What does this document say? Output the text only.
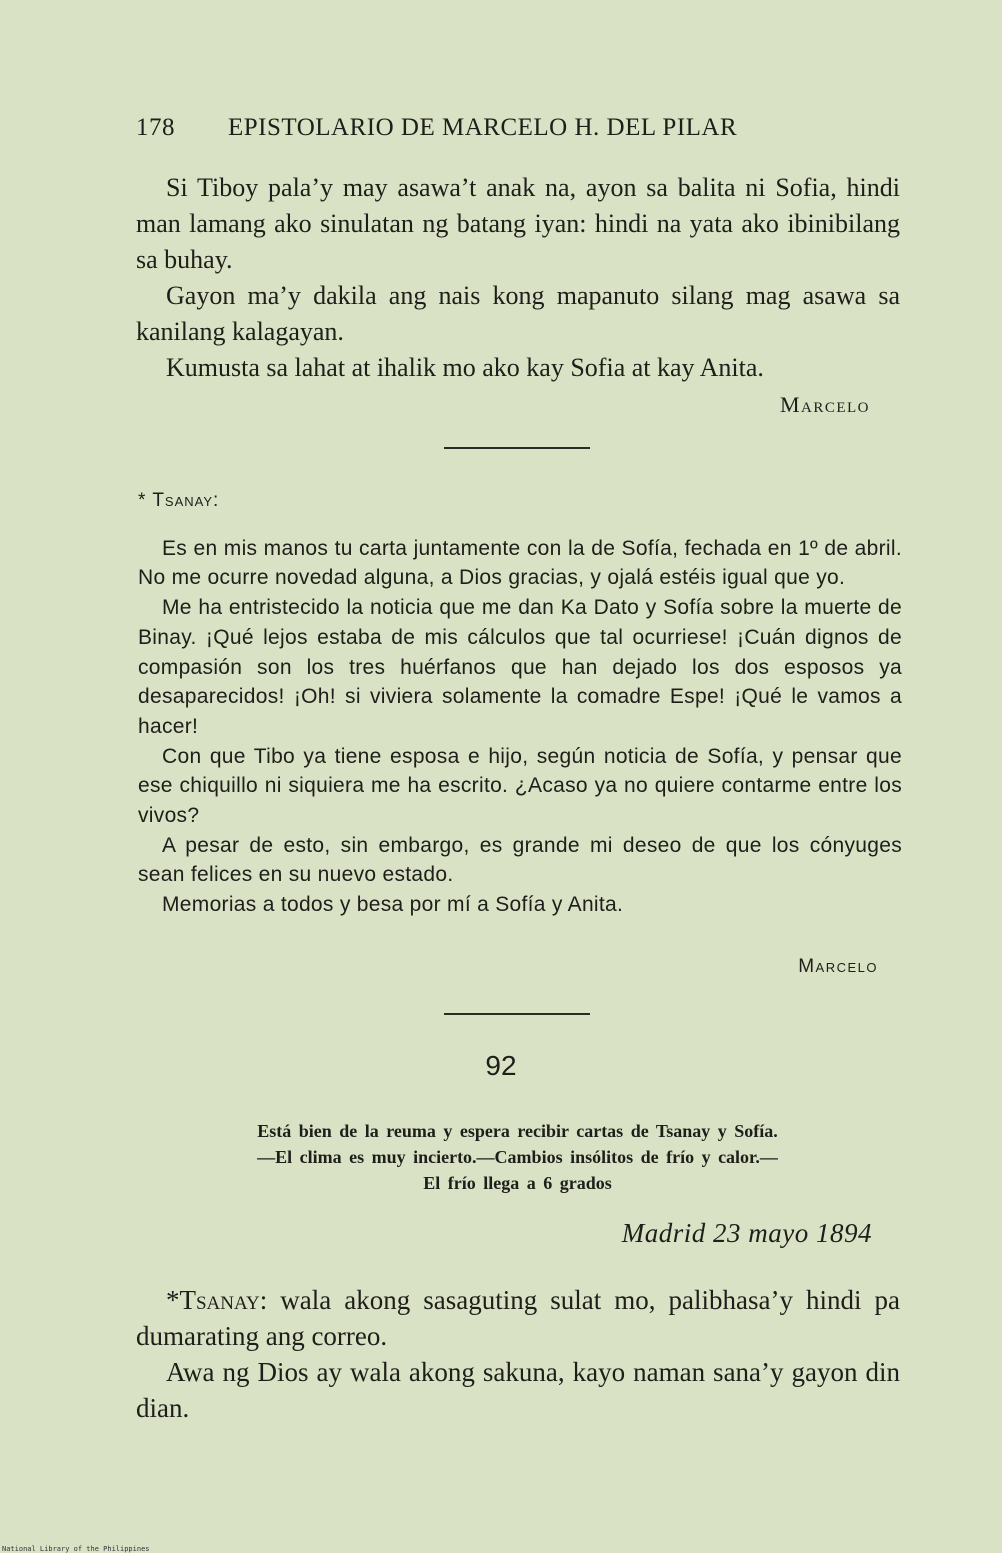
178 EPISTOLARIO DE MARCELO H. DEL PILAR

Si Tiboy pala’y may asawa’t anak na, ayon sa balita ni Sofia, hindi man lamang ako sinulatan ng batang iyan: hindi na yata ako ibinibilang sa buhay.

Gayon ma’y dakila ang nais kong mapanuto silang mag asawa sa kanilang kalagayan.

Kumusta sa lahat at ihalik mo ako kay Sofia at kay Anita.

Marcelo

* Tsanay:

Es en mis manos tu carta juntamente con la de Sofía, fechada en 1º de abril. No me ocurre novedad alguna, a Dios gracias, y ojalá estéis igual que yo.

Me ha entristecido la noticia que me dan Ka Dato y Sofía sobre la muerte de Binay. ¡Qué lejos estaba de mis cálculos que tal ocurriese! ¡Cuán dignos de compasión son los tres huérfanos que han dejado los dos esposos ya desaparecidos! ¡Oh! si viviera solamente la comadre Espe! ¡Qué le vamos a hacer!

Con que Tibo ya tiene esposa e hijo, según noticia de Sofía, y pensar que ese chiquillo ni siquiera me ha escrito. ¿Acaso ya no quiere contarme entre los vivos?

A pesar de esto, sin embargo, es grande mi deseo de que los cónyuges sean felices en su nuevo estado.

Memorias a todos y besa por mí a Sofía y Anita.

Marcelo
92
Está bien de la reuma y espera recibir cartas de Tsanay y Sofía.—El clima es muy incierto.—Cambios insólitos de frío y calor.—El frío llega a 6 grados
Madrid 23 mayo 1894

*Tsanay: wala akong sasaguting sulat mo, palibhasa’y hindi pa dumarating ang correo.

Awa ng Dios ay wala akong sakuna, kayo naman sana’y gayon din dian.

National Library of the Philippines
